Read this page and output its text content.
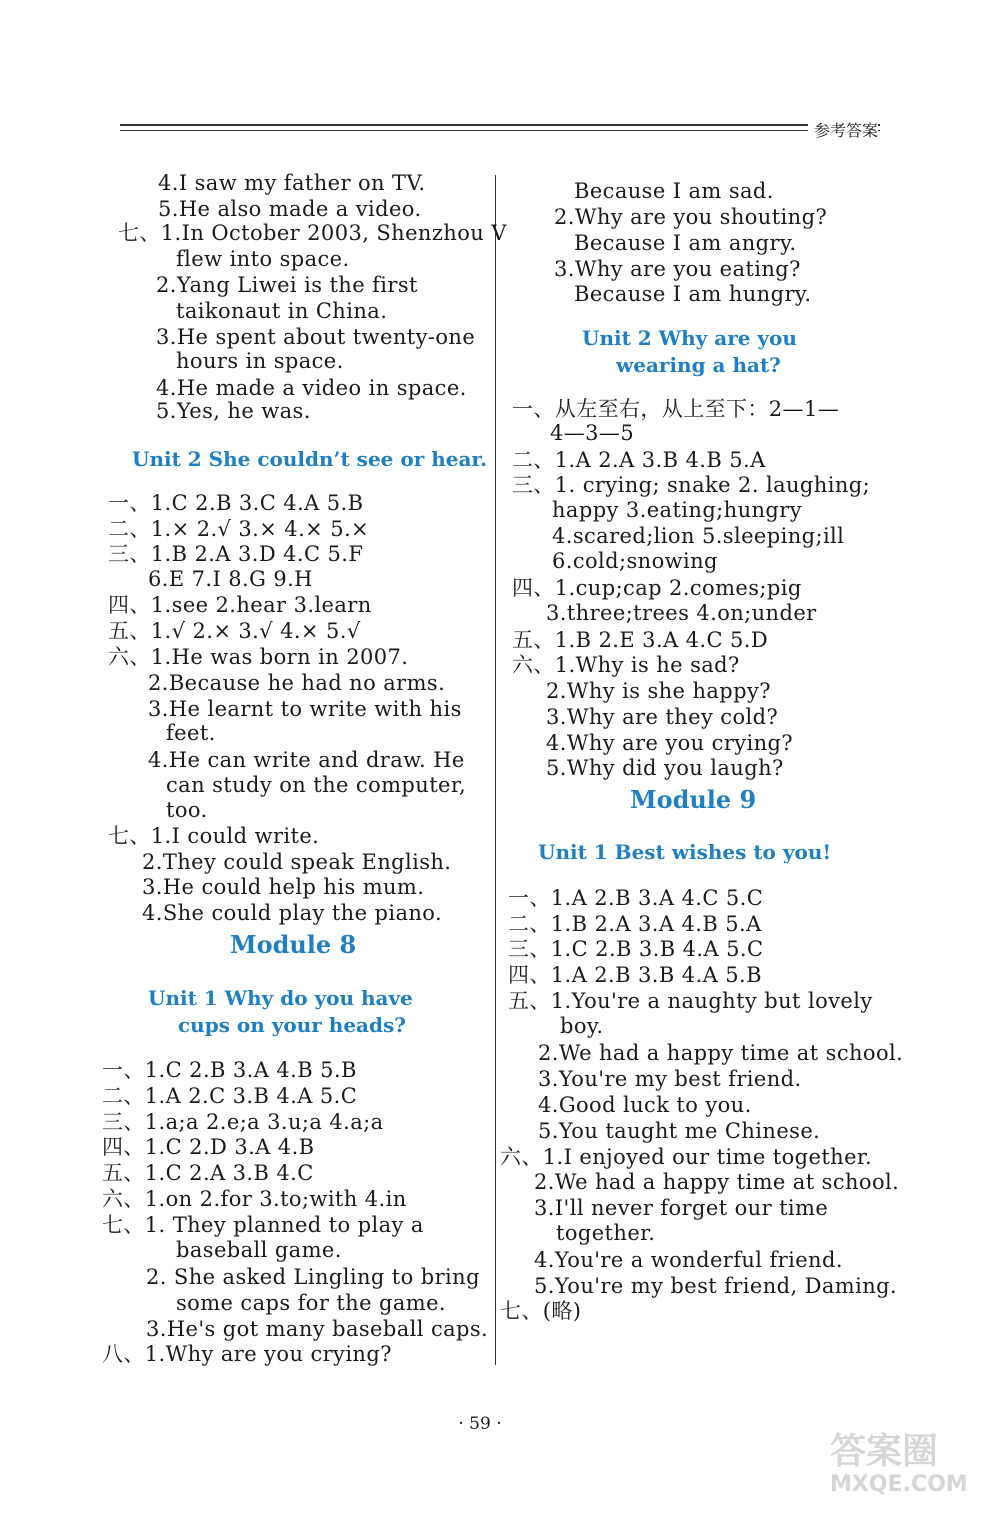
参考答案
4.I saw my father on TV.
5.He also made a video.
七、1.In October 2003, Shenzhou V
flew into space.
2.Yang Liwei is the first
taikonaut in China.
3.He spent about twenty-one
hours in space.
4.He made a video in space.
5.Yes, he was.
Unit 2 She couldn’t see or hear.
一、1.C 2.B 3.C 4.A 5.B
二、1.× 2.√ 3.× 4.× 5.×
三、1.B 2.A 3.D 4.C 5.F
6.E 7.I 8.G 9.H
四、1.see 2.hear 3.learn
五、1.√ 2.× 3.√ 4.× 5.√
六、1.He was born in 2007.
2.Because he had no arms.
3.He learnt to write with his
feet.
4.He can write and draw. He
can study on the computer,
too.
七、1.I could write.
2.They could speak English.
3.He could help his mum.
4.She could play the piano.
Module 8
Unit 1 Why do you have
cups on your heads?
一、1.C 2.B 3.A 4.B 5.B
二、1.A 2.C 3.B 4.A 5.C
三、1.a;a 2.e;a 3.u;a 4.a;a
四、1.C 2.D 3.A 4.B
五、1.C 2.A 3.B 4.C
六、1.on 2.for 3.to;with 4.in
七、1. They planned to play a
baseball game.
2. She asked Lingling to bring
some caps for the game.
3.He's got many baseball caps.
八、1.Why are you crying?
Because I am sad.
2.Why are you shouting?
Because I am angry.
3.Why are you eating?
Because I am hungry.
Unit 2 Why are you
wearing a hat?
一、从左至右，从上至下：2—1—
4—3—5
二、1.A 2.A 3.B 4.B 5.A
三、1. crying; snake 2. laughing;
happy 3.eating;hungry
4.scared;lion 5.sleeping;ill
6.cold;snowing
四、1.cup;cap 2.comes;pig
3.three;trees 4.on;under
五、1.B 2.E 3.A 4.C 5.D
六、1.Why is he sad?
2.Why is she happy?
3.Why are they cold?
4.Why are you crying?
5.Why did you laugh?
Module 9
Unit 1 Best wishes to you!
一、1.A 2.B 3.A 4.C 5.C
二、1.B 2.A 3.A 4.B 5.A
三、1.C 2.B 3.B 4.A 5.C
四、1.A 2.B 3.B 4.A 5.B
五、1.You're a naughty but lovely
boy.
2.We had a happy time at school.
3.You're my best friend.
4.Good luck to you.
5.You taught me Chinese.
六、1.I enjoyed our time together.
2.We had a happy time at school.
3.I'll never forget our time
together.
4.You're a wonderful friend.
5.You're my best friend, Daming.
七、(略)
· 59 ·
答案圈
MXQE.COM
